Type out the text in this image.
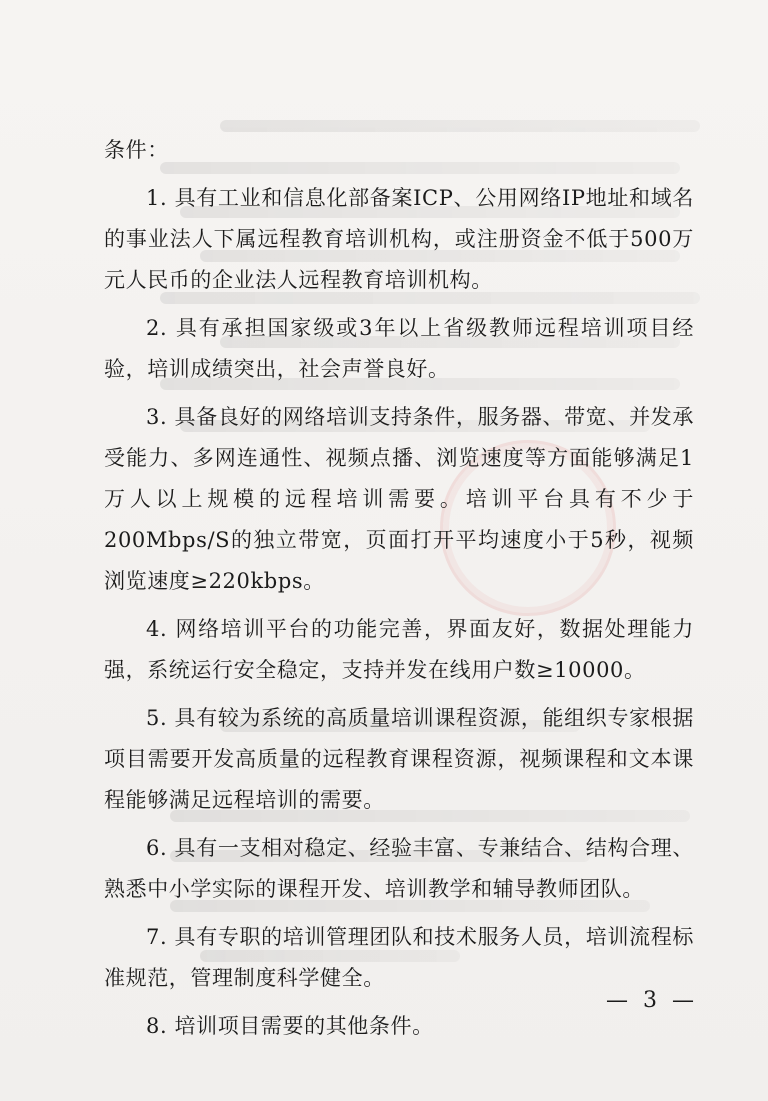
条件：

1. 具有工业和信息化部备案ICP、公用网络IP地址和域名的事业法人下属远程教育培训机构，或注册资金不低于500万元人民币的企业法人远程教育培训机构。

2. 具有承担国家级或3年以上省级教师远程培训项目经验，培训成绩突出，社会声誉良好。

3. 具备良好的网络培训支持条件，服务器、带宽、并发承受能力、多网连通性、视频点播、浏览速度等方面能够满足1万人以上规模的远程培训需要。培训平台具有不少于200Mbps/S的独立带宽，页面打开平均速度小于5秒，视频浏览速度≥220kbps。

4. 网络培训平台的功能完善，界面友好，数据处理能力强，系统运行安全稳定，支持并发在线用户数≥10000。

5. 具有较为系统的高质量培训课程资源，能组织专家根据项目需要开发高质量的远程教育课程资源，视频课程和文本课程能够满足远程培训的需要。

6. 具有一支相对稳定、经验丰富、专兼结合、结构合理、熟悉中小学实际的课程开发、培训教学和辅导教师团队。

7. 具有专职的培训管理团队和技术服务人员，培训流程标准规范，管理制度科学健全。

8. 培训项目需要的其他条件。

— 3 —
